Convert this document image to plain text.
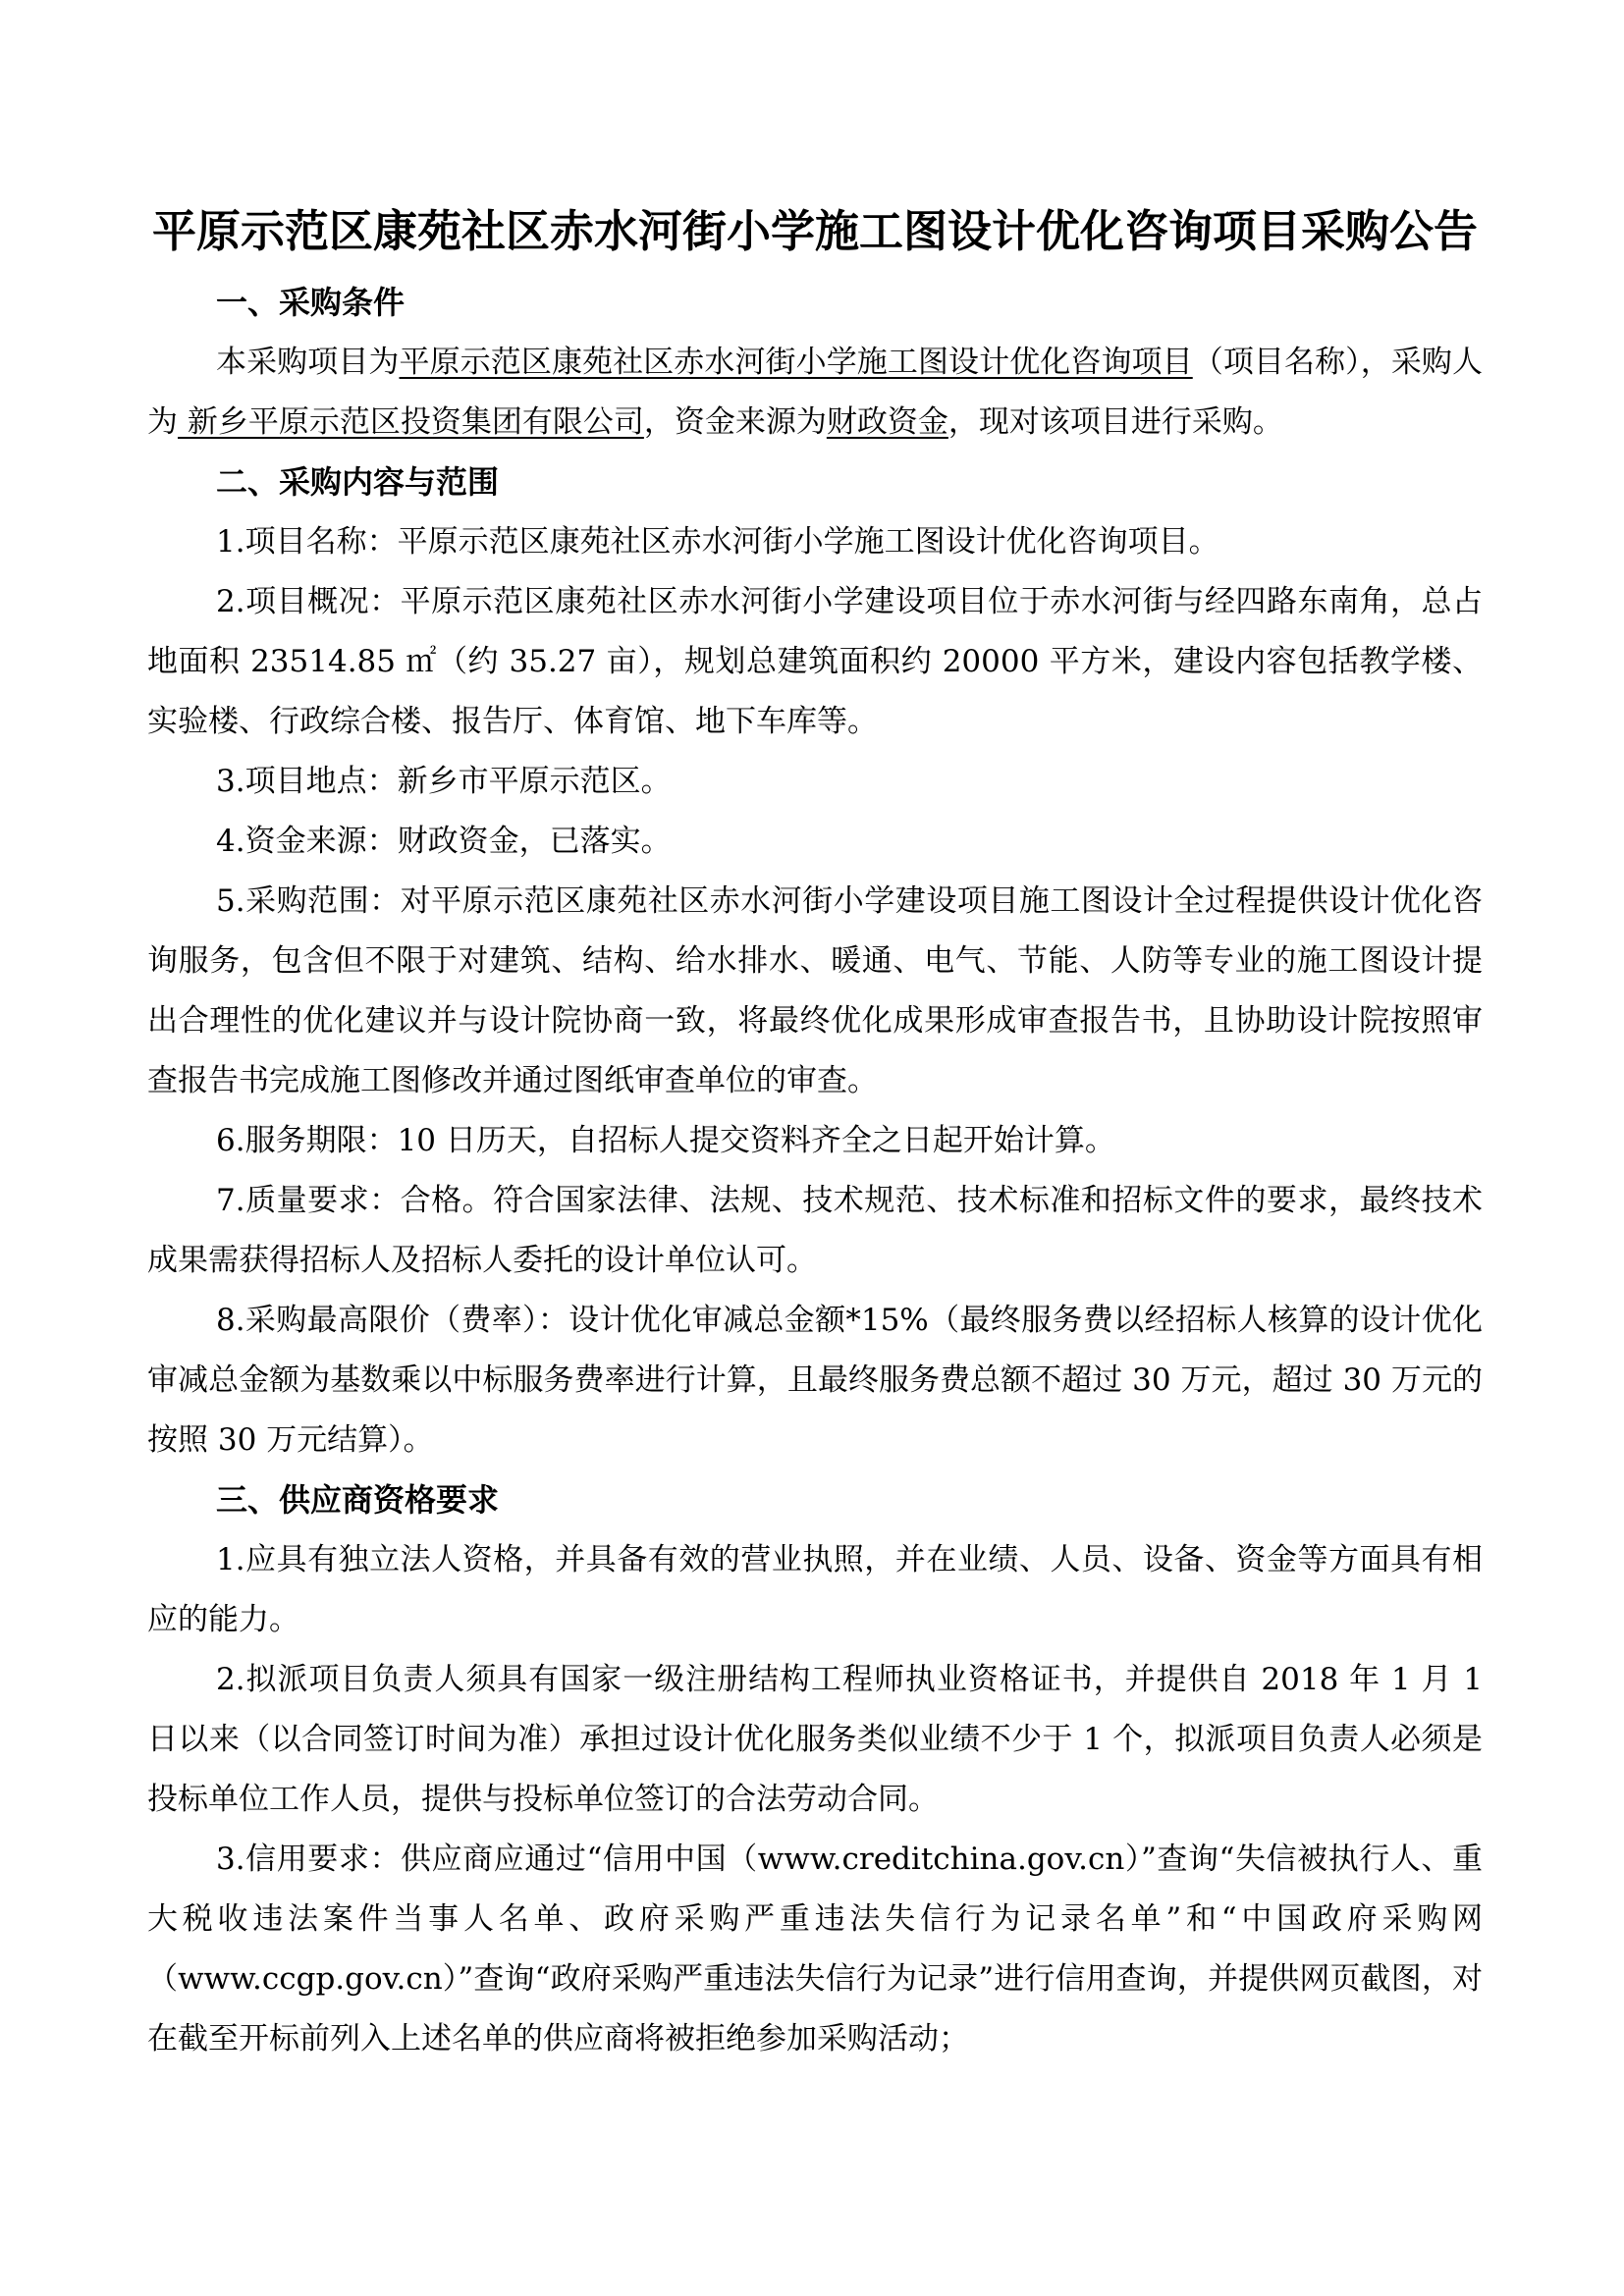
平原示范区康苑社区赤水河街小学施工图设计优化咨询项目采购公告
一、采购条件

本采购项目为平原示范区康苑社区赤水河街小学施工图设计优化咨询项目（项目名称），采购人为 新乡平原示范区投资集团有限公司，资金来源为财政资金，现对该项目进行采购。

二、采购内容与范围

1.项目名称：平原示范区康苑社区赤水河街小学施工图设计优化咨询项目。

2.项目概况：平原示范区康苑社区赤水河街小学建设项目位于赤水河街与经四路东南角，总占地面积 23514.85 ㎡（约 35.27 亩），规划总建筑面积约 20000 平方米，建设内容包括教学楼、实验楼、行政综合楼、报告厅、体育馆、地下车库等。

3.项目地点：新乡市平原示范区。

4.资金来源：财政资金，已落实。

5.采购范围：对平原示范区康苑社区赤水河街小学建设项目施工图设计全过程提供设计优化咨询服务，包含但不限于对建筑、结构、给水排水、暖通、电气、节能、人防等专业的施工图设计提出合理性的优化建议并与设计院协商一致，将最终优化成果形成审查报告书，且协助设计院按照审查报告书完成施工图修改并通过图纸审查单位的审查。

6.服务期限：10 日历天，自招标人提交资料齐全之日起开始计算。

7.质量要求：合格。符合国家法律、法规、技术规范、技术标准和招标文件的要求，最终技术成果需获得招标人及招标人委托的设计单位认可。

8.采购最高限价（费率）：设计优化审减总金额*15%（最终服务费以经招标人核算的设计优化审减总金额为基数乘以中标服务费率进行计算，且最终服务费总额不超过 30 万元，超过 30 万元的按照 30 万元结算）。

三、供应商资格要求

1.应具有独立法人资格，并具备有效的营业执照，并在业绩、人员、设备、资金等方面具有相应的能力。

2.拟派项目负责人须具有国家一级注册结构工程师执业资格证书，并提供自 2018 年 1 月 1 日以来（以合同签订时间为准）承担过设计优化服务类似业绩不少于 1 个，拟派项目负责人必须是投标单位工作人员，提供与投标单位签订的合法劳动合同。

3.信用要求：供应商应通过“信用中国（www.creditchina.gov.cn）”查询“失信被执行人、重大税收违法案件当事人名单、政府采购严重违法失信行为记录名单”和“中国政府采购网（www.ccgp.gov.cn）”查询“政府采购严重违法失信行为记录”进行信用查询，并提供网页截图，对在截至开标前列入上述名单的供应商将被拒绝参加采购活动；
